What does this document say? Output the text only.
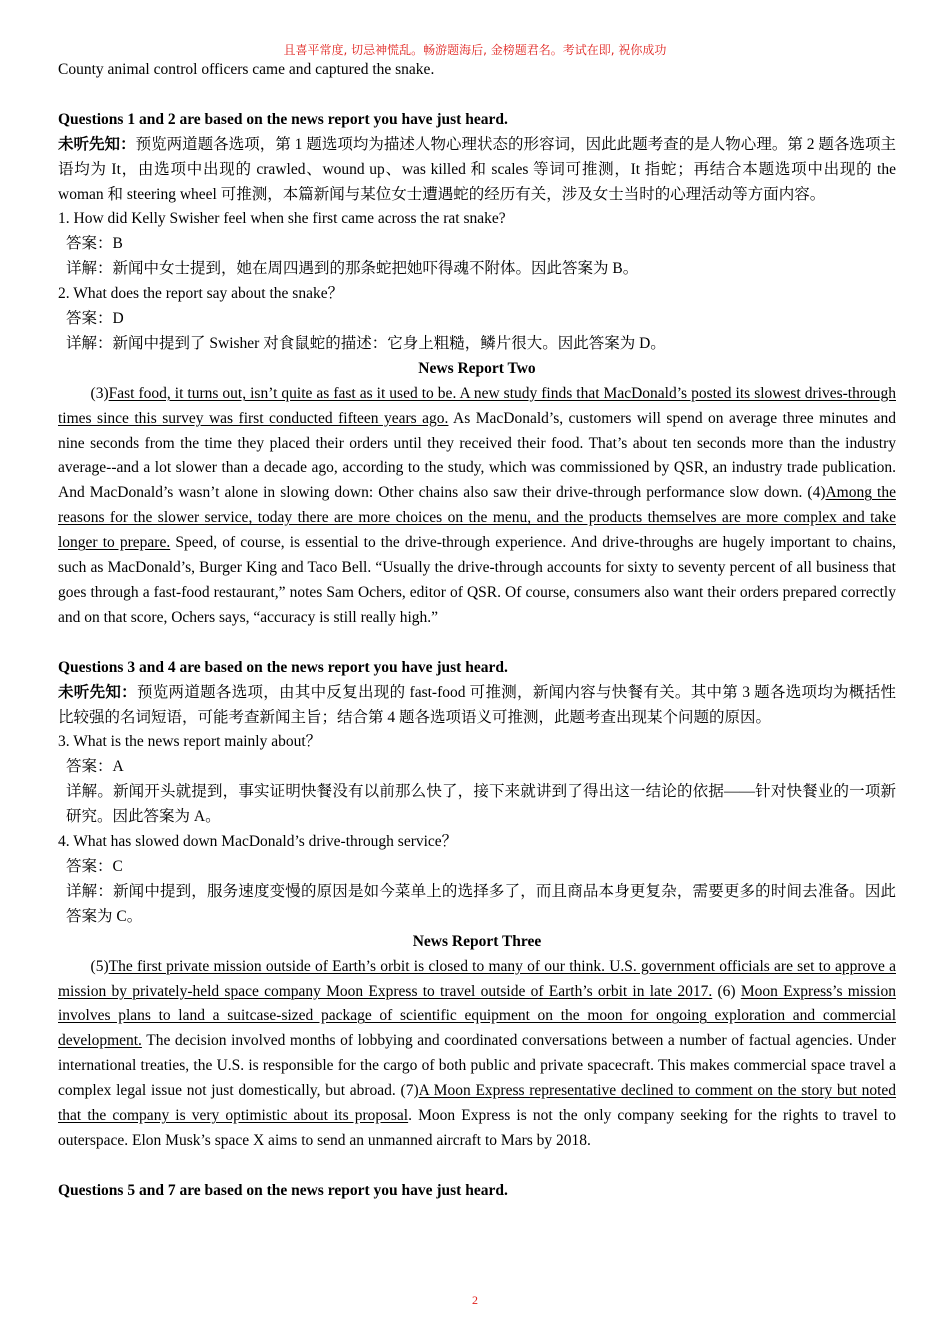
且喜平常度, 切忌神慌乱。畅游题海后, 金榜题君名。考试在即, 祝你成功

County animal control officers came and captured the snake.

Questions 1 and 2 are based on the news report you have just heard.

未听先知：预览两道题各选项，第 1 题选项均为描述人物心理状态的形容词，因此此题考查的是人物心理。第 2 题各选项主语均为 It，由选项中出现的 crawled、wound up、was killed 和 scales 等词可推测，It 指蛇；再结合本题选项中出现的 the woman 和 steering wheel 可推测，本篇新闻与某位女士遭遇蛇的经历有关，涉及女士当时的心理活动等方面内容。

1. How did Kelly Swisher feel when she first came across the rat snake?

答案：B

详解：新闻中女士提到，她在周四遇到的那条蛇把她吓得魂不附体。因此答案为 B。

2. What does the report say about the snake？

答案：D

详解：新闻中提到了 Swisher 对食鼠蛇的描述：它身上粗糙，鳞片很大。因此答案为 D。

News Report Two

(3)Fast food, it turns out, isn’t quite as fast as it used to be. A new study finds that MacDonald’s posted its slowest drives-through times since this survey was first conducted fifteen years ago. As MacDonald’s, customers will spend on average three minutes and nine seconds from the time they placed their orders until they received their food. That’s about ten seconds more than the industry average--and a lot slower than a decade ago, according to the study, which was commissioned by QSR, an industry trade publication. And MacDonald’s wasn’t alone in slowing down: Other chains also saw their drive-through performance slow down. (4)Among the reasons for the slower service, today there are more choices on the menu, and the products themselves are more complex and take longer to prepare. Speed, of course, is essential to the drive-through experience. And drive-throughs are hugely important to chains, such as MacDonald’s, Burger King and Taco Bell. “Usually the drive-through accounts for sixty to seventy percent of all business that goes through a fast-food restaurant,” notes Sam Ochers, editor of QSR. Of course, consumers also want their orders prepared correctly and on that score, Ochers says, “accuracy is still really high.”

Questions 3 and 4 are based on the news report you have just heard.

未听先知：预览两道题各选项，由其中反复出现的 fast-food 可推测，新闻内容与快餐有关。其中第 3 题各选项均为概括性比较强的名词短语，可能考查新闻主旨；结合第 4 题各选项语义可推测，此题考查出现某个问题的原因。

3. What is the news report mainly about？

答案：A

详解。新闻开头就提到，事实证明快餐没有以前那么快了，接下来就讲到了得出这一结论的依据——针对快餐业的一项新研究。因此答案为 A。

4. What has slowed down MacDonald’s drive-through service？

答案：C

详解：新闻中提到，服务速度变慢的原因是如今菜单上的选择多了，而且商品本身更复杂，需要更多的时间去准备。因此答案为 C。

News Report Three

(5)The first private mission outside of Earth’s orbit is closed to many of our think. U.S. government officials are set to approve a mission by privately-held space company Moon Express to travel outside of Earth’s orbit in late 2017. (6) Moon Express’s mission involves plans to land a suitcase-sized package of scientific equipment on the moon for ongoing exploration and commercial development. The decision involved months of lobbying and coordinated conversations between a number of factual agencies. Under international treaties, the U.S. is responsible for the cargo of both public and private spacecraft. This makes commercial space travel a complex legal issue not just domestically, but abroad. (7)A Moon Express representative declined to comment on the story but noted that the company is very optimistic about its proposal. Moon Express is not the only company seeking for the rights to travel to outerspace. Elon Musk’s space X aims to send an unmanned aircraft to Mars by 2018.

Questions 5 and 7 are based on the news report you have just heard.

2
